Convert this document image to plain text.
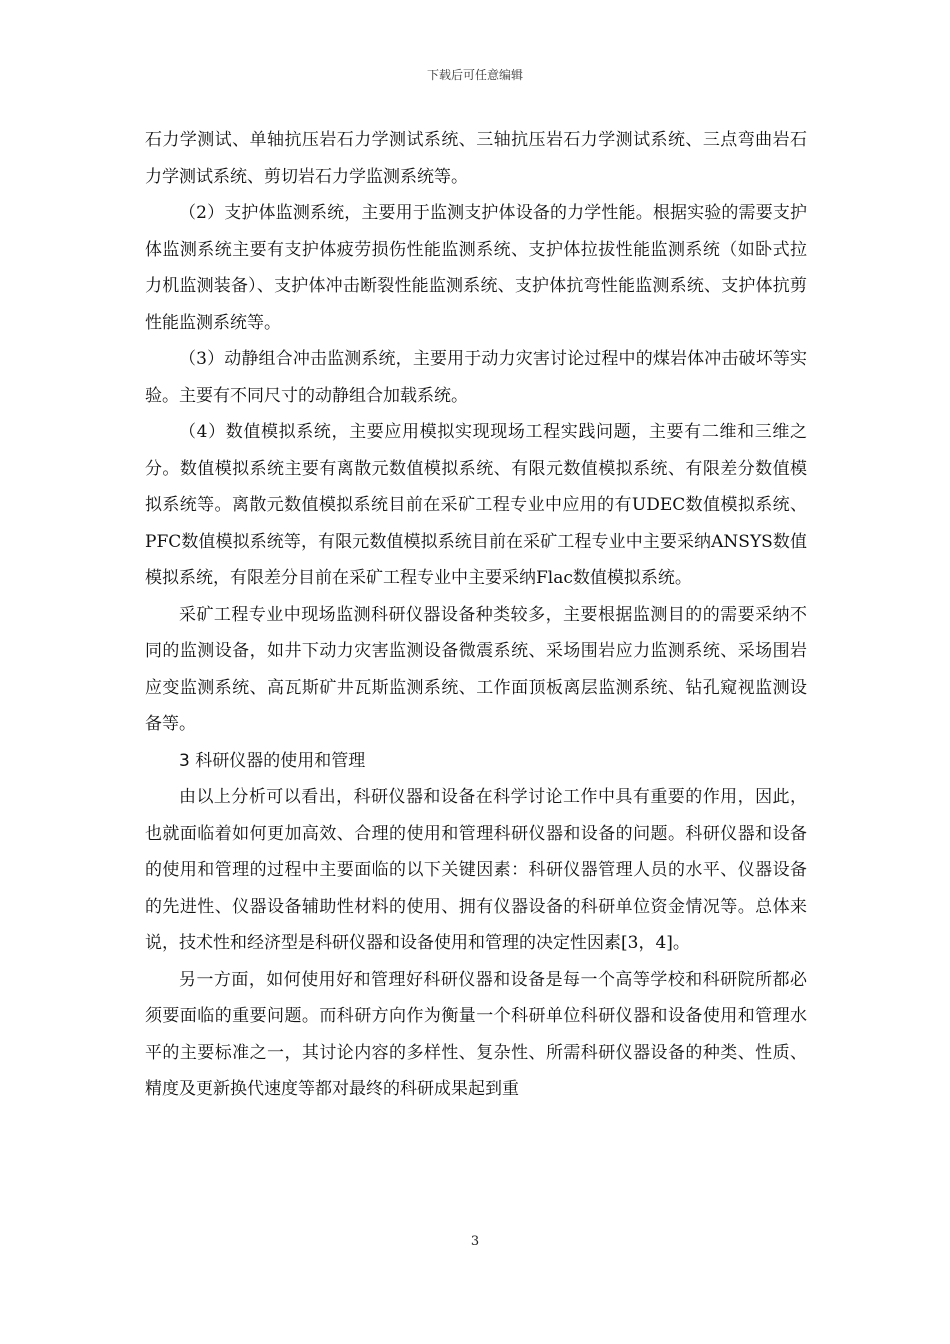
下载后可任意编辑

石力学测试、单轴抗压岩石力学测试系统、三轴抗压岩石力学测试系统、三点弯曲岩石力学测试系统、剪切岩石力学监测系统等。

（2）支护体监测系统，主要用于监测支护体设备的力学性能。根据实验的需要支护体监测系统主要有支护体疲劳损伤性能监测系统、支护体拉拔性能监测系统（如卧式拉力机监测装备）、支护体冲击断裂性能监测系统、支护体抗弯性能监测系统、支护体抗剪性能监测系统等。

（3）动静组合冲击监测系统，主要用于动力灾害讨论过程中的煤岩体冲击破坏等实验。主要有不同尺寸的动静组合加载系统。

（4）数值模拟系统，主要应用模拟实现现场工程实践问题，主要有二维和三维之分。数值模拟系统主要有离散元数值模拟系统、有限元数值模拟系统、有限差分数值模拟系统等。离散元数值模拟系统目前在采矿工程专业中应用的有UDEC数值模拟系统、PFC数值模拟系统等，有限元数值模拟系统目前在采矿工程专业中主要采纳ANSYS数值模拟系统，有限差分目前在采矿工程专业中主要采纳Flac数值模拟系统。

采矿工程专业中现场监测科研仪器设备种类较多，主要根据监测目的的需要采纳不同的监测设备，如井下动力灾害监测设备微震系统、采场围岩应力监测系统、采场围岩应变监测系统、高瓦斯矿井瓦斯监测系统、工作面顶板离层监测系统、钻孔窥视监测设备等。

3 科研仪器的使用和管理

由以上分析可以看出，科研仪器和设备在科学讨论工作中具有重要的作用，因此，也就面临着如何更加高效、合理的使用和管理科研仪器和设备的问题。科研仪器和设备的使用和管理的过程中主要面临的以下关键因素：科研仪器管理人员的水平、仪器设备的先进性、仪器设备辅助性材料的使用、拥有仪器设备的科研单位资金情况等。总体来说，技术性和经济型是科研仪器和设备使用和管理的决定性因素[3，4]。

另一方面，如何使用好和管理好科研仪器和设备是每一个高等学校和科研院所都必须要面临的重要问题。而科研方向作为衡量一个科研单位科研仪器和设备使用和管理水平的主要标准之一，其讨论内容的多样性、复杂性、所需科研仪器设备的种类、性质、精度及更新换代速度等都对最终的科研成果起到重

3
